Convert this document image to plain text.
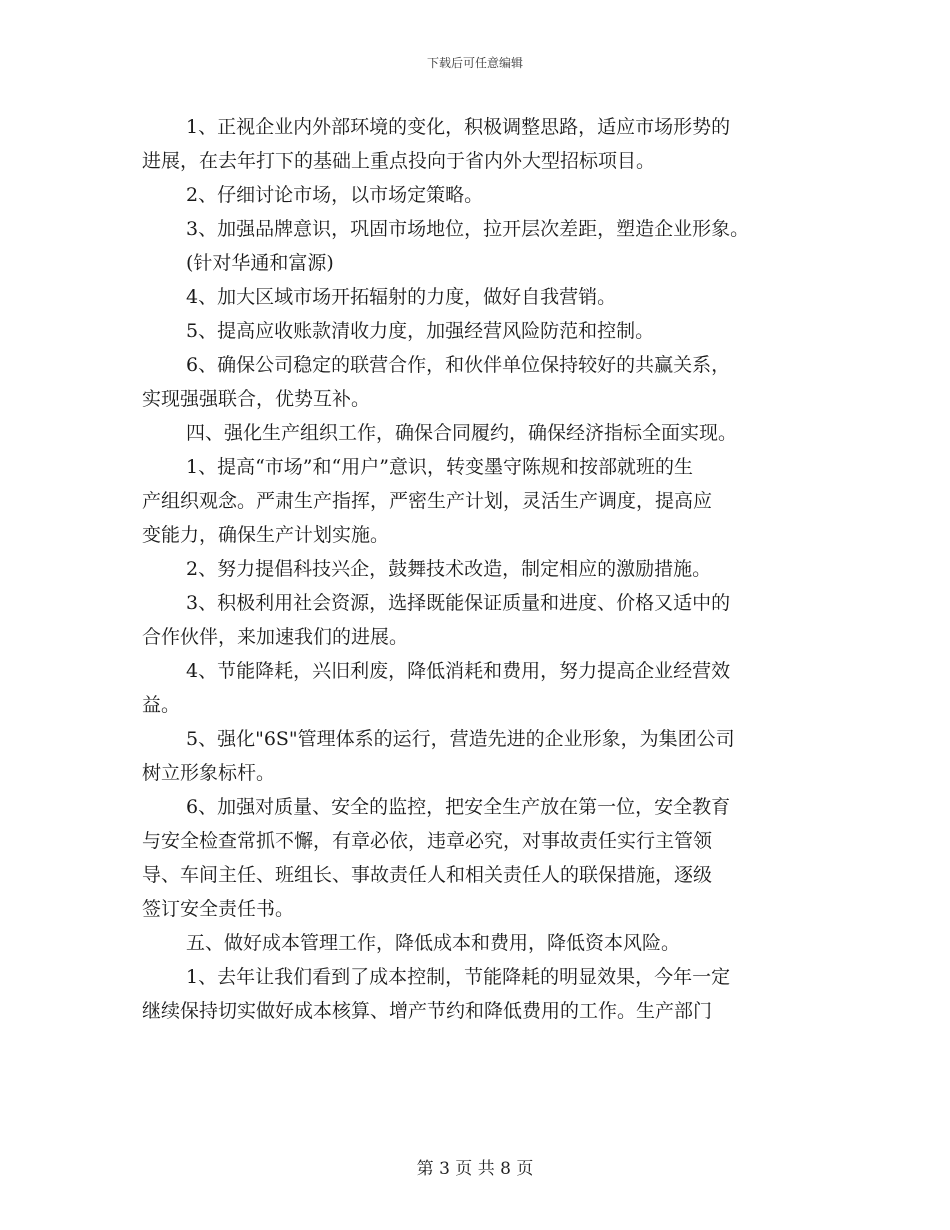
下载后可任意编辑
1、正视企业内外部环境的变化，积极调整思路，适应市场形势的
进展，在去年打下的基础上重点投向于省内外大型招标项目。
2、仔细讨论市场，以市场定策略。
3、加强品牌意识，巩固市场地位，拉开层次差距，塑造企业形象。
(针对华通和富源)
4、加大区域市场开拓辐射的力度，做好自我营销。
5、提高应收账款清收力度，加强经营风险防范和控制。
6、确保公司稳定的联营合作，和伙伴单位保持较好的共赢关系，
实现强强联合，优势互补。
四、强化生产组织工作，确保合同履约，确保经济指标全面实现。
1、提高“市场”和“用户”意识，转变墨守陈规和按部就班的生
产组织观念。严肃生产指挥，严密生产计划，灵活生产调度，提高应
变能力，确保生产计划实施。
2、努力提倡科技兴企，鼓舞技术改造，制定相应的激励措施。
3、积极利用社会资源，选择既能保证质量和进度、价格又适中的
合作伙伴，来加速我们的进展。
4、节能降耗，兴旧利废，降低消耗和费用，努力提高企业经营效
益。
5、强化"6S"管理体系的运行，营造先进的企业形象，为集团公司
树立形象标杆。
6、加强对质量、安全的监控，把安全生产放在第一位，安全教育
与安全检查常抓不懈，有章必依，违章必究，对事故责任实行主管领
导、车间主任、班组长、事故责任人和相关责任人的联保措施，逐级
签订安全责任书。
五、做好成本管理工作，降低成本和费用，降低资本风险。
1、去年让我们看到了成本控制，节能降耗的明显效果，今年一定
继续保持切实做好成本核算、增产节约和降低费用的工作。生产部门
第 3 页 共 8 页
